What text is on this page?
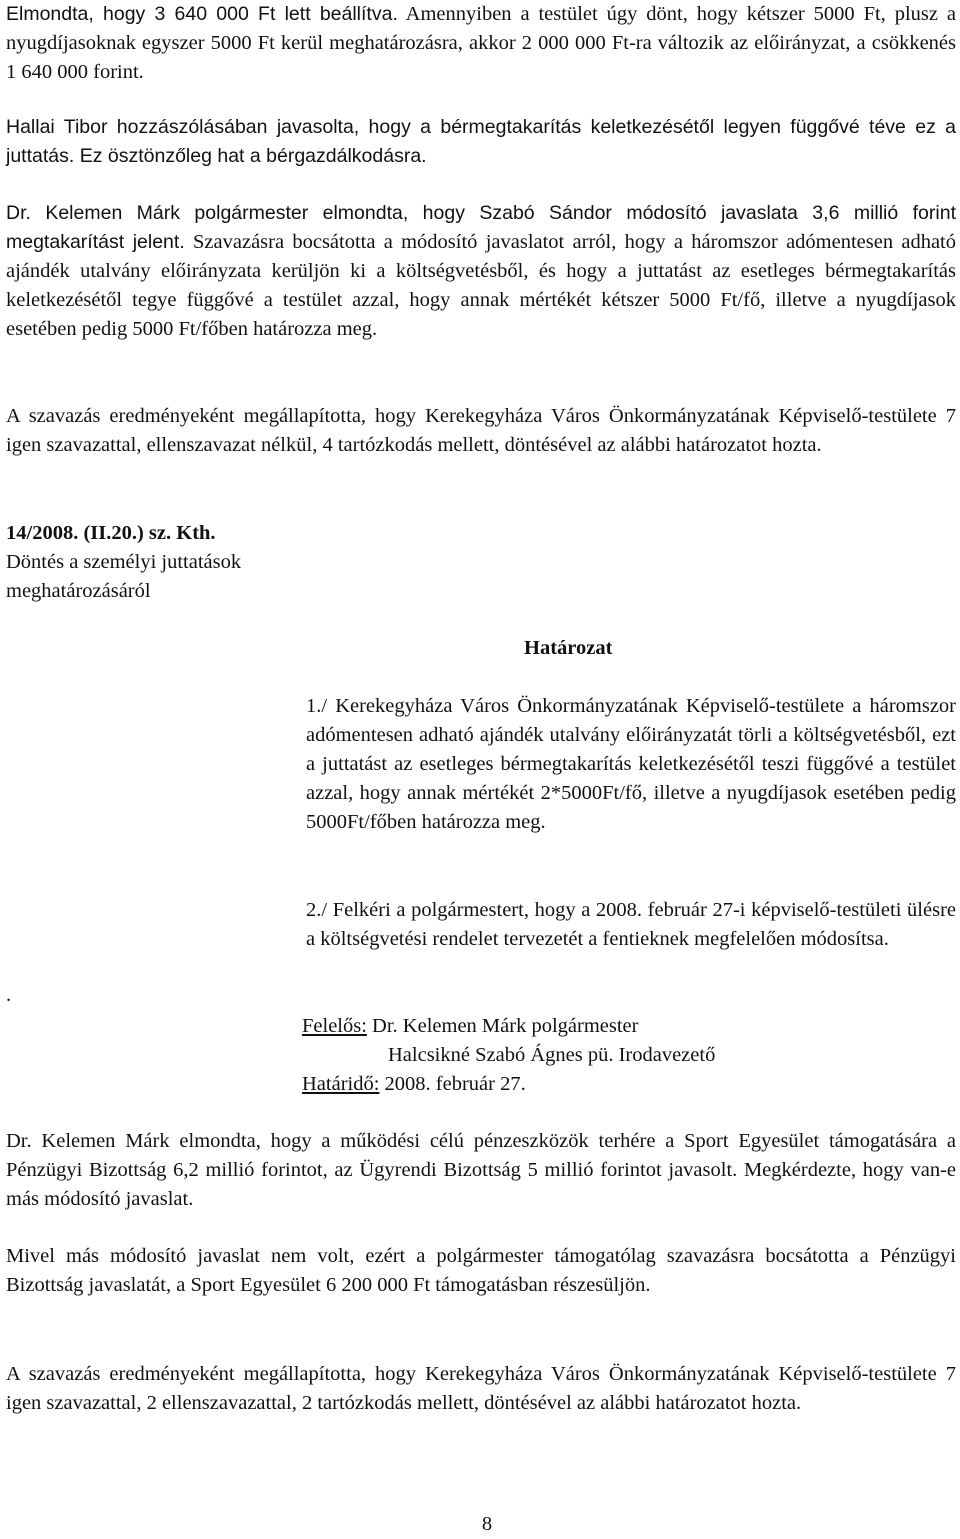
Elmondta, hogy 3 640 000 Ft lett beállítva. Amennyiben a testület úgy dönt, hogy kétszer 5000 Ft, plusz a nyugdíjasoknak egyszer 5000 Ft kerül meghatározásra, akkor 2 000 000 Ft-ra változik az előirányzat, a csökkenés 1 640 000 forint.

Hallai Tibor hozzászólásában javasolta, hogy a bérmegtakarítás keletkezésétől legyen függővé téve ez a juttatás. Ez ösztönzőleg hat a bérgazdálkodásra.

Dr. Kelemen Márk polgármester elmondta, hogy Szabó Sándor módosító javaslata 3,6 millió forint megtakarítást jelent. Szavazásra bocsátotta a módosító javaslatot arról, hogy a háromszor adómentesen adható ajándék utalvány előirányzata kerüljön ki a költségvetésből, és hogy a juttatást az esetleges bérmegtakarítás keletkezésétől tegye függővé a testület azzal, hogy annak mértékét kétszer 5000 Ft/fő, illetve a nyugdíjasok esetében pedig 5000 Ft/főben határozza meg.

A szavazás eredményeként megállapította, hogy Kerekegyháza Város Önkormányzatának Képviselő-testülete 7 igen szavazattal, ellenszavazat nélkül, 4 tartózkodás mellett, döntésével az alábbi határozatot hozta.

14/2008. (II.20.) sz. Kth.
Döntés a személyi juttatások
meghatározásáról
Határozat

1./ Kerekegyháza Város Önkormányzatának Képviselő-testülete a háromszor adómentesen adható ajándék utalvány előirányzatát törli a költségvetésből, ezt a juttatást az esetleges bérmegtakarítás keletkezésétől teszi függővé a testület azzal, hogy annak mértékét 2*5000Ft/fő, illetve a nyugdíjasok esetében pedig 5000Ft/főben határozza meg.

2./ Felkéri a polgármestert, hogy a 2008. február 27-i képviselő-testületi ülésre a költségvetési rendelet tervezetét a fentieknek megfelelően módosítsa.

.
Felelős: Dr. Kelemen Márk polgármester
Halcsikné Szabó Ágnes pü. Irodavezető
Határidő: 2008. február 27.

Dr. Kelemen Márk elmondta, hogy a működési célú pénzeszközök terhére a Sport Egyesület támogatására a Pénzügyi Bizottság 6,2 millió forintot, az Ügyrendi Bizottság 5 millió forintot javasolt. Megkérdezte, hogy van-e más módosító javaslat.

Mivel más módosító javaslat nem volt, ezért a polgármester támogatólag szavazásra bocsátotta a Pénzügyi Bizottság javaslatát, a Sport Egyesület 6 200 000 Ft támogatásban részesüljön.

A szavazás eredményeként megállapította, hogy Kerekegyháza Város Önkormányzatának Képviselő-testülete 7 igen szavazattal, 2 ellenszavazattal, 2 tartózkodás mellett, döntésével az alábbi határozatot hozta.

8
